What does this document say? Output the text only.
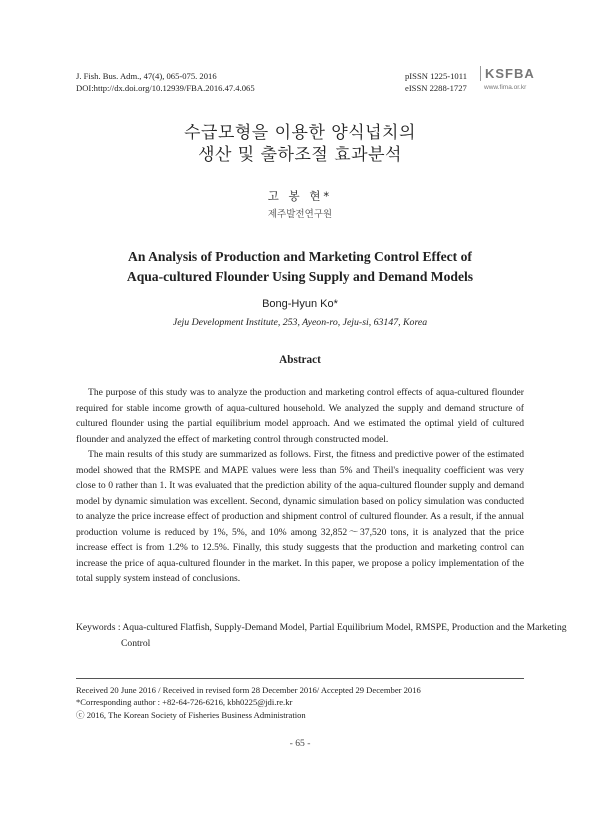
J. Fish. Bus. Adm., 47(4), 065-075. 2016
DOI:http://dx.doi.org/10.12939/FBA.2016.47.4.065
pISSN 1225-1011
eISSN 2288-1727
KSFBA
www.fima.or.kr
수급모형을 이용한 양식넙치의
생산 및 출하조절 효과분석
고 봉 현*
제주발전연구원
An Analysis of Production and Marketing Control Effect of
Aqua-cultured Flounder Using Supply and Demand Models
Bong-Hyun Ko*
Jeju Development Institute, 253, Ayeon-ro, Jeju-si, 63147, Korea
Abstract

The purpose of this study was to analyze the production and marketing control effects of aqua-cultured flounder required for stable income growth of aqua-cultured household. We analyzed the supply and demand structure of cultured flounder using the partial equilibrium model approach. And we estimated the optimal yield of cultured flounder and analyzed the effect of marketing control through constructed model.

The main results of this study are summarized as follows. First, the fitness and predictive power of the estimated model showed that the RMSPE and MAPE values were less than 5% and Theil's inequality coefficient was very close to 0 rather than 1. It was evaluated that the prediction ability of the aqua-cultured flounder supply and demand model by dynamic simulation was excellent. Second, dynamic simulation based on policy simulation was conducted to analyze the price increase effect of production and shipment control of cultured flounder. As a result, if the annual production volume is reduced by 1%, 5%, and 10% among 32,852～37,520 tons, it is analyzed that the price increase effect is from 1.2% to 12.5%. Finally, this study suggests that the production and marketing control can increase the price of aqua-cultured flounder in the market. In this paper, we propose a policy implementation of the total supply system instead of conclusions.

Keywords : Aqua-cultured Flatfish, Supply-Demand Model, Partial Equilibrium Model, RMSPE, Production and the Marketing Control
Received 20 June 2016 / Received in revised form 28 December 2016/ Accepted 29 December 2016
*Corresponding author : +82-64-726-6216, kbh0225@jdi.re.kr
ⓒ 2016, The Korean Society of Fisheries Business Administration
- 65 -
